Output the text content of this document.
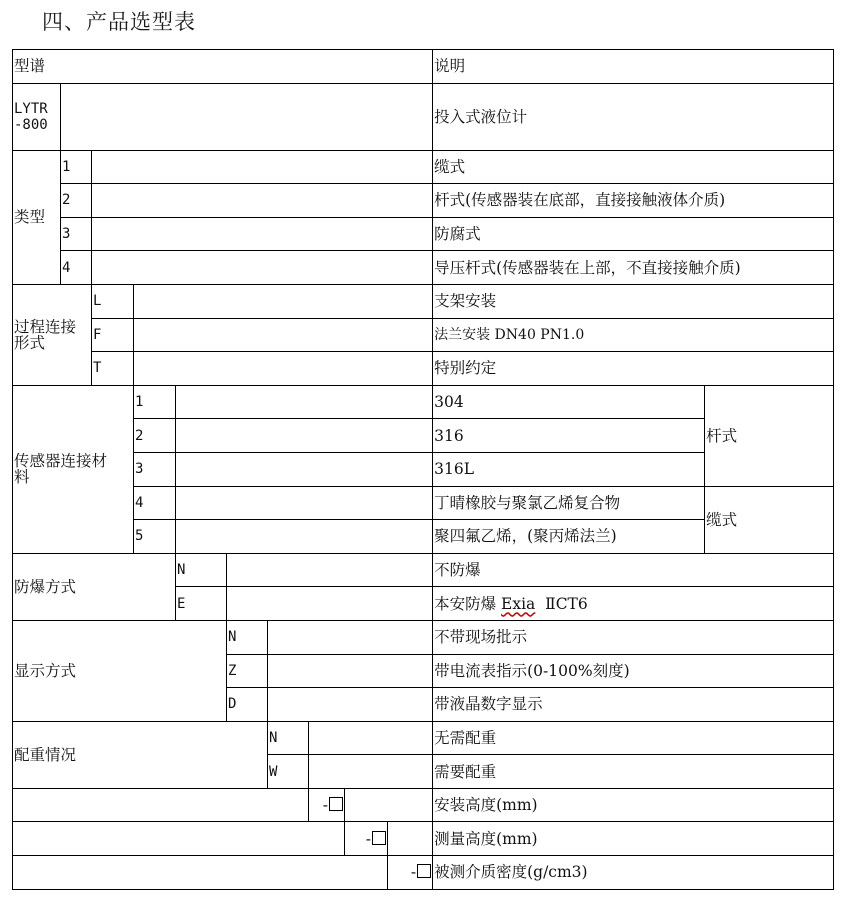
四、产品选型表
型谱										说明	
LYTR
-800										投入式液位计	
类型	1									缆式	
	2									杆式(传感器装在底部，直接接触液体介质)	
	3									防腐式	
	4									导压杆式(传感器装在上部，不直接接触介质)	
过程连接
形式		L								支架安装	
		F								法兰安装 DN40 PN1.0	
		T								特别约定	
传感器连接材
料			1							304	杆式
			2							316	
			3							316L	
			4							丁晴橡胶与聚氯乙烯复合物	缆式
			5							聚四氟乙烯，(聚丙烯法兰)	
防爆方式				N						不防爆	
				E						本安防爆 Exia  ⅡCT6	
显示方式					N					不带现场批示	
					Z					带电流表指示(0-100%刻度)	
					D					带液晶数字显示	
配重情况						N				无需配重	
						W				需要配重	
							-			安装高度(mm)	
								-		测量高度(mm)	
									-	被测介质密度(g/cm3)	
